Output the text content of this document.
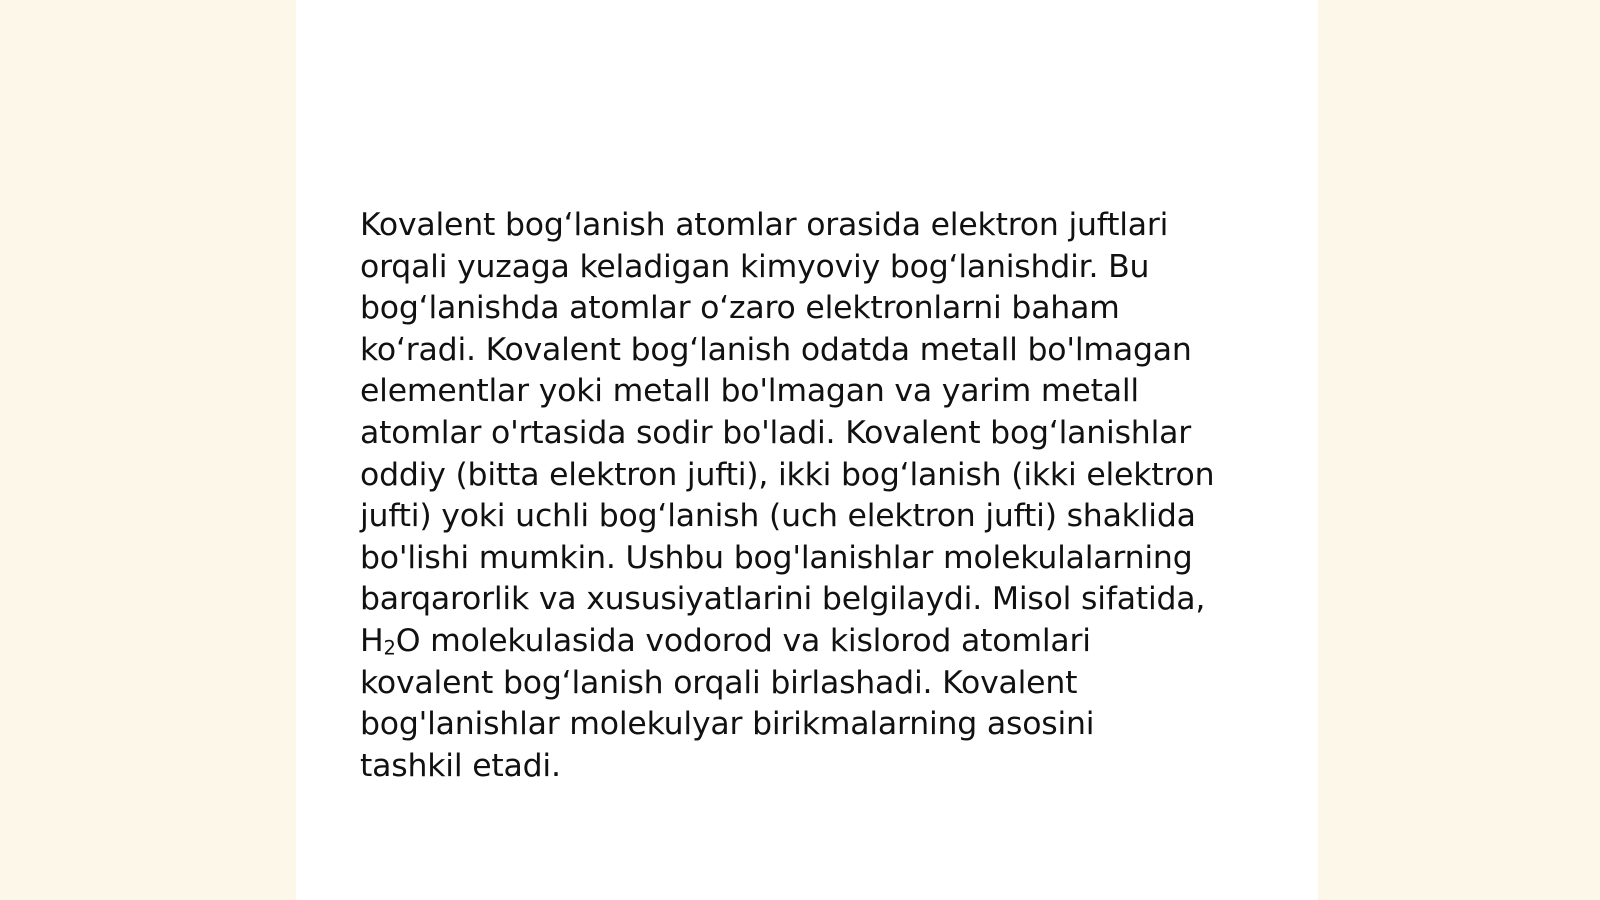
Kovalent bogʻlanish atomlar orasida elektron juftlari
orqali yuzaga keladigan kimyoviy bogʻlanishdir. Bu
bogʻlanishda atomlar oʻzaro elektronlarni baham
koʻradi. Kovalent bogʻlanish odatda metall bo'lmagan
elementlar yoki metall bo'lmagan va yarim metall
atomlar o'rtasida sodir bo'ladi. Kovalent bogʻlanishlar
oddiy (bitta elektron jufti), ikki bogʻlanish (ikki elektron
jufti) yoki uchli bogʻlanish (uch elektron jufti) shaklida
bo'lishi mumkin. Ushbu bog'lanishlar molekulalarning
barqarorlik va xususiyatlarini belgilaydi. Misol sifatida,
$H_2O$ molekulasida vodorod va kislorod atomlari
kovalent bogʻlanish orqali birlashadi. Kovalent
bog'lanishlar molekulyar birikmalarning asosini
tashkil etadi.
